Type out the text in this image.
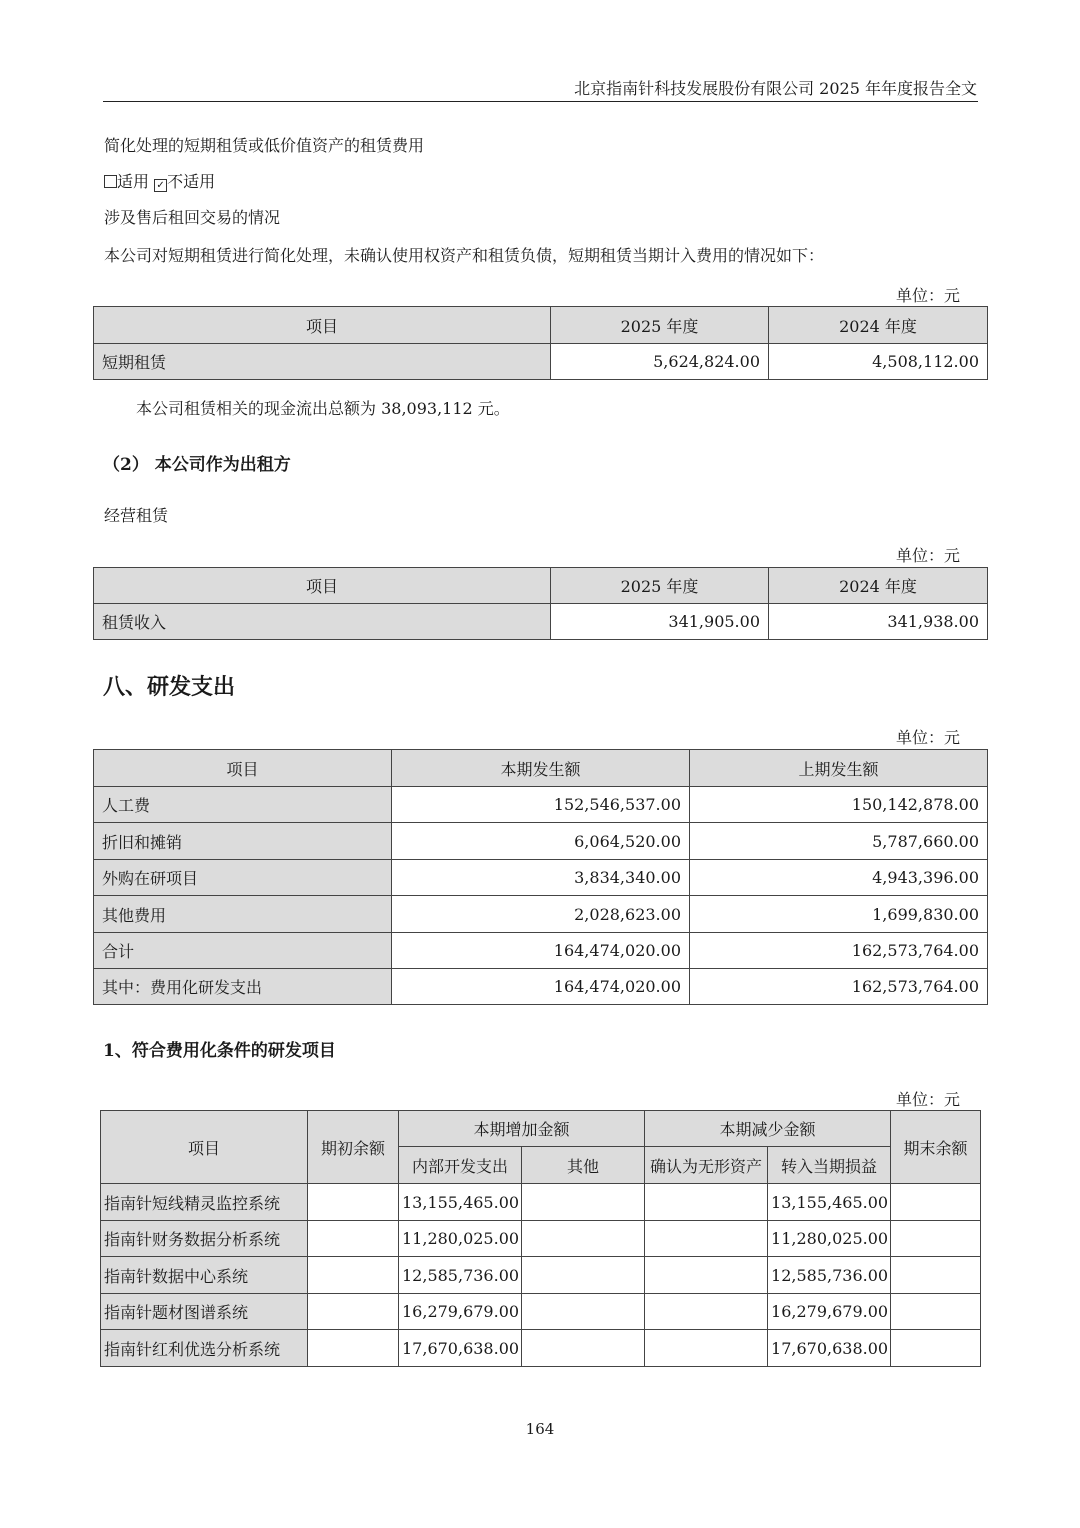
北京指南针科技发展股份有限公司 2025 年年度报告全文
简化处理的短期租赁或低价值资产的租赁费用
适用 ✓ 不适用
涉及售后租回交易的情况
本公司对短期租赁进行简化处理，未确认使用权资产和租赁负债，短期租赁当期计入费用的情况如下：
单位：元
项目	2025 年度	2024 年度
短期租赁	5,624,824.00	4,508,112.00
本公司租赁相关的现金流出总额为 38,093,112 元。
（2） 本公司作为出租方
经营租赁
单位：元
项目	2025 年度	2024 年度
租赁收入	341,905.00	341,938.00
八、研发支出
单位：元
项目	本期发生额	上期发生额
人工费	152,546,537.00	150,142,878.00
折旧和摊销	6,064,520.00	5,787,660.00
外购在研项目	3,834,340.00	4,943,396.00
其他费用	2,028,623.00	1,699,830.00
合计	164,474,020.00	162,573,764.00
其中：费用化研发支出	164,474,020.00	162,573,764.00
1、符合费用化条件的研发项目
单位：元
项目	期初余额	本期增加金额		本期减少金额		期末余额
		内部开发支出	其他	确认为无形资产	转入当期损益	
指南针短线精灵监控系统		13,155,465.00			13,155,465.00	
指南针财务数据分析系统		11,280,025.00			11,280,025.00	
指南针数据中心系统		12,585,736.00			12,585,736.00	
指南针题材图谱系统		16,279,679.00			16,279,679.00	
指南针红利优选分析系统		17,670,638.00			17,670,638.00	
164
